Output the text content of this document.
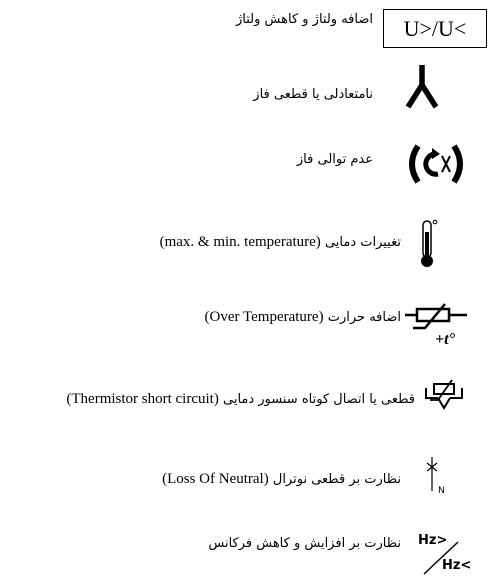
U>/U<
اضافه ولتاژ و کاهش ولتاژ
نامتعادلی یا قطعی فاز
عدم توالی فاز
تغییرات دمایی (max. & min. temperature)
+t°
اضافه حرارت (Over Temperature)
قطعی یا اتصال کوتاه سنسور دمایی (Thermistor short circuit)
N
نظارت بر قطعی نوترال (Loss Of Neutral)
Hz>
Hz<
نظارت بر افزایش و کاهش فرکانس
